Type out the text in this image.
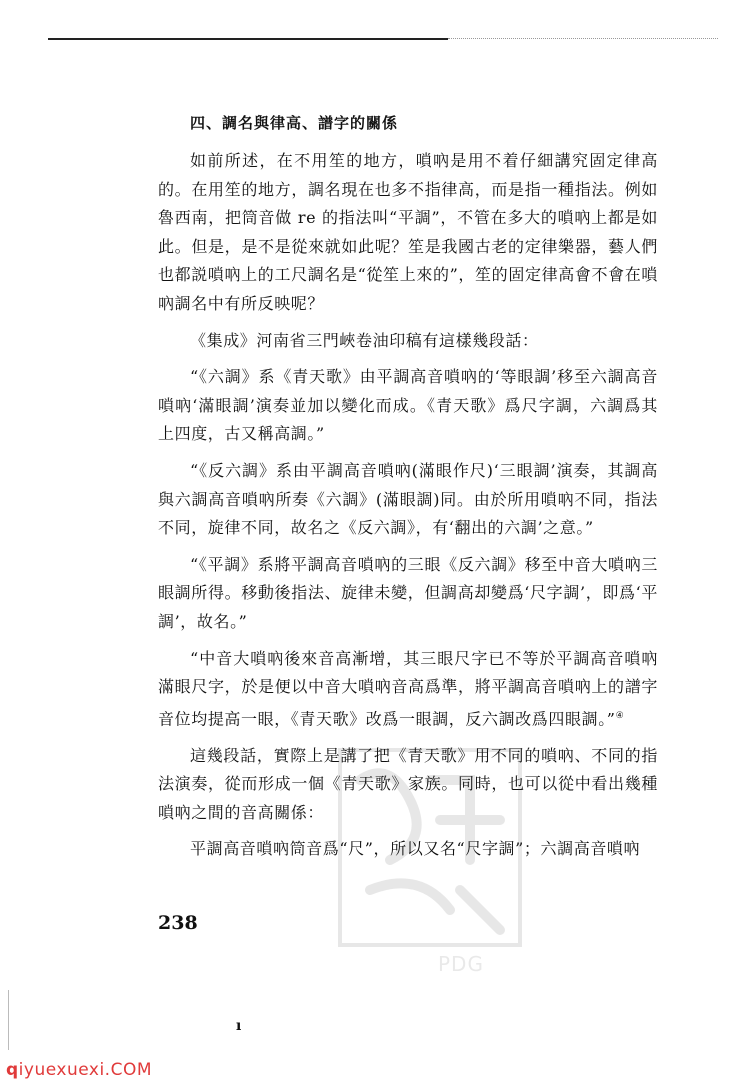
四、調名與律高、譜字的關係

如前所述，在不用笙的地方，嗩吶是用不着仔細講究固定律高的。在用笙的地方，調名現在也多不指律高，而是指一種指法。例如魯西南，把筒音做 re 的指法叫“平調”，不管在多大的嗩吶上都是如此。但是，是不是從來就如此呢？笙是我國古老的定律樂器，藝人們也都説嗩吶上的工尺調名是“從笙上來的”，笙的固定律高會不會在嗩吶調名中有所反映呢？

《集成》河南省三門峽卷油印稿有這樣幾段話：

“《六調》系《青天歌》由平調高音嗩吶的‘等眼調’移至六調高音嗩吶‘滿眼調’演奏並加以變化而成。《青天歌》爲尺字調，六調爲其上四度，古又稱高調。”

“《反六調》系由平調高音嗩吶(滿眼作尺)‘三眼調’演奏，其調高與六調高音嗩吶所奏《六調》(滿眼調)同。由於所用嗩吶不同，指法不同，旋律不同，故名之《反六調》，有‘翻出的六調’之意。”

“《平調》系將平調高音嗩吶的三眼《反六調》移至中音大嗩吶三眼調所得。移動後指法、旋律未變，但調高却變爲‘尺字調’，即爲‘平調’，故名。”

“中音大嗩吶後來音高漸增，其三眼尺字已不等於平調高音嗩吶滿眼尺字，於是便以中音大嗩吶音高爲準，將平調高音嗩吶上的譜字音位均提高一眼，《青天歌》改爲一眼調，反六調改爲四眼調。”④

這幾段話，實際上是講了把《青天歌》用不同的嗩吶、不同的指法演奏，從而形成一個《青天歌》家族。同時，也可以從中看出幾種嗩吶之間的音高關係：

平調高音嗩吶筒音爲“尺”，所以又名“尺字調”；六調高音嗩吶

238
PDG
ı
qiyuexuexi.COM
